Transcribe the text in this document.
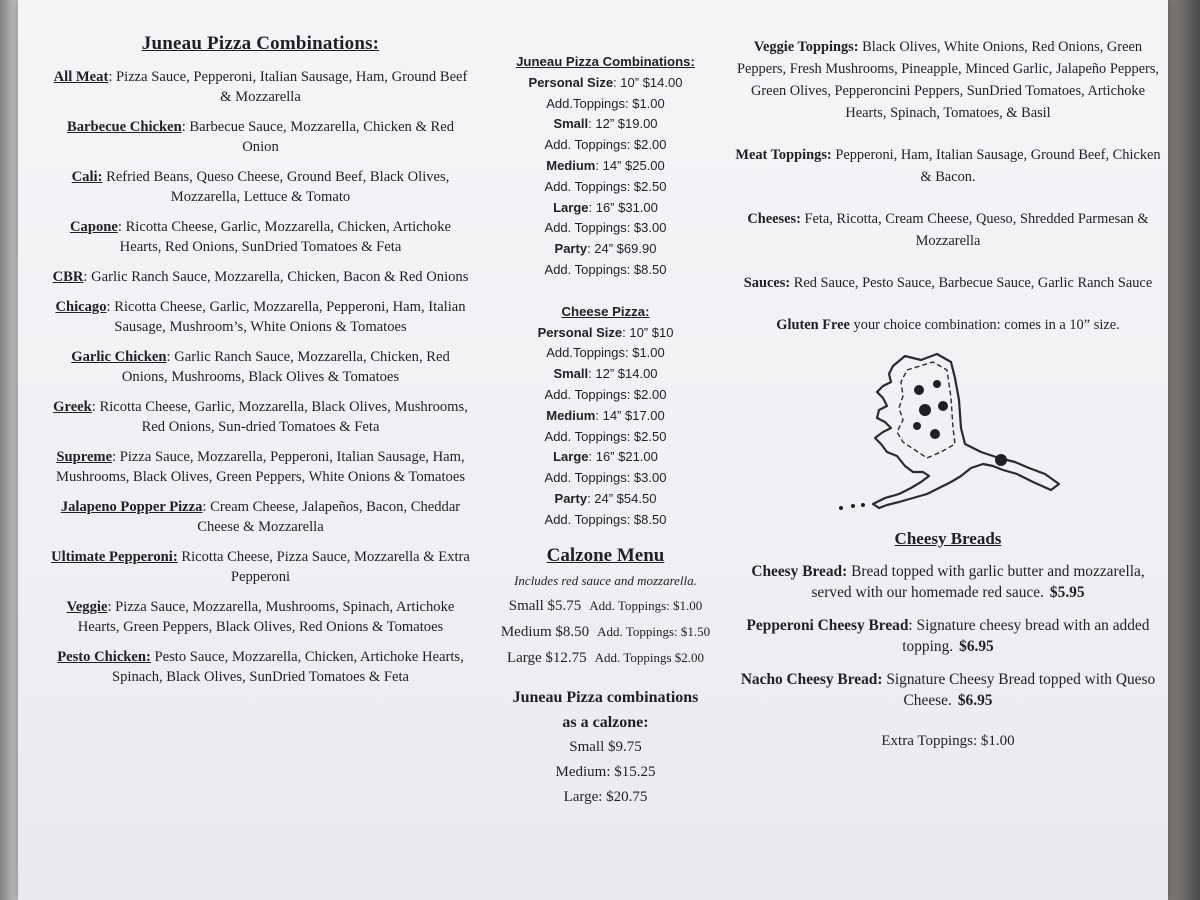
Juneau Pizza Combinations:

All Meat: Pizza Sauce, Pepperoni, Italian Sausage, Ham, Ground Beef & Mozzarella

Barbecue Chicken: Barbecue Sauce, Mozzarella, Chicken & Red Onion

Cali: Refried Beans, Queso Cheese, Ground Beef, Black Olives, Mozzarella, Lettuce & Tomato

Capone: Ricotta Cheese, Garlic, Mozzarella, Chicken, Artichoke Hearts, Red Onions, SunDried Tomatoes & Feta

CBR: Garlic Ranch Sauce, Mozzarella, Chicken, Bacon & Red Onions

Chicago: Ricotta Cheese, Garlic, Mozzarella, Pepperoni, Ham, Italian Sausage, Mushroom’s, White Onions & Tomatoes

Garlic Chicken: Garlic Ranch Sauce, Mozzarella, Chicken, Red Onions, Mushrooms, Black Olives & Tomatoes

Greek: Ricotta Cheese, Garlic, Mozzarella, Black Olives, Mushrooms, Red Onions, Sun-dried Tomatoes & Feta

Supreme: Pizza Sauce, Mozzarella, Pepperoni, Italian Sausage, Ham, Mushrooms, Black Olives, Green Peppers, White Onions & Tomatoes

Jalapeno Popper Pizza: Cream Cheese, Jalapeños, Bacon, Cheddar Cheese & Mozzarella

Ultimate Pepperoni: Ricotta Cheese, Pizza Sauce, Mozzarella & Extra Pepperoni

Veggie: Pizza Sauce, Mozzarella, Mushrooms, Spinach, Artichoke Hearts, Green Peppers, Black Olives, Red Onions & Tomatoes

Pesto Chicken: Pesto Sauce, Mozzarella, Chicken, Artichoke Hearts, Spinach, Black Olives, SunDried Tomatoes & Feta

Juneau Pizza Combinations:
Personal Size: 10” $14.00
Add.Toppings: $1.00
Small: 12” $19.00
Add. Toppings: $2.00
Medium: 14” $25.00
Add. Toppings: $2.50
Large: 16” $31.00
Add. Toppings: $3.00
Party: 24” $69.90
Add. Toppings: $8.50
Cheese Pizza:
Personal Size: 10” $10
Add.Toppings: $1.00
Small: 12” $14.00
Add. Toppings: $2.00
Medium: 14” $17.00
Add. Toppings: $2.50
Large: 16” $21.00
Add. Toppings: $3.00
Party: 24” $54.50
Add. Toppings: $8.50
Calzone Menu
Includes red sauce and mozzarella.
Small $5.75 Add. Toppings: $1.00
Medium $8.50 Add. Toppings: $1.50
Large $12.75 Add. Toppings $2.00
Juneau Pizza combinations
as a calzone:
Small $9.75
Medium: $15.25
Large: $20.75

Veggie Toppings: Black Olives, White Onions, Red Onions, Green Peppers, Fresh Mushrooms, Pineapple, Minced Garlic, Jalapeño Peppers, Green Olives, Pepperoncini Peppers, SunDried Tomatoes, Artichoke Hearts, Spinach, Tomatoes, & Basil

Meat Toppings: Pepperoni, Ham, Italian Sausage, Ground Beef, Chicken & Bacon.

Cheeses: Feta, Ricotta, Cream Cheese, Queso, Shredded Parmesan & Mozzarella

Sauces: Red Sauce, Pesto Sauce, Barbecue Sauce, Garlic Ranch Sauce

Gluten Free your choice combination: comes in a 10” size.

Cheesy Breads

Cheesy Bread: Bread topped with garlic butter and mozzarella, served with our homemade red sauce. $5.95

Pepperoni Cheesy Bread: Signature cheesy bread with an added topping. $6.95

Nacho Cheesy Bread: Signature Cheesy Bread topped with Queso Cheese. $6.95

Extra Toppings: $1.00
